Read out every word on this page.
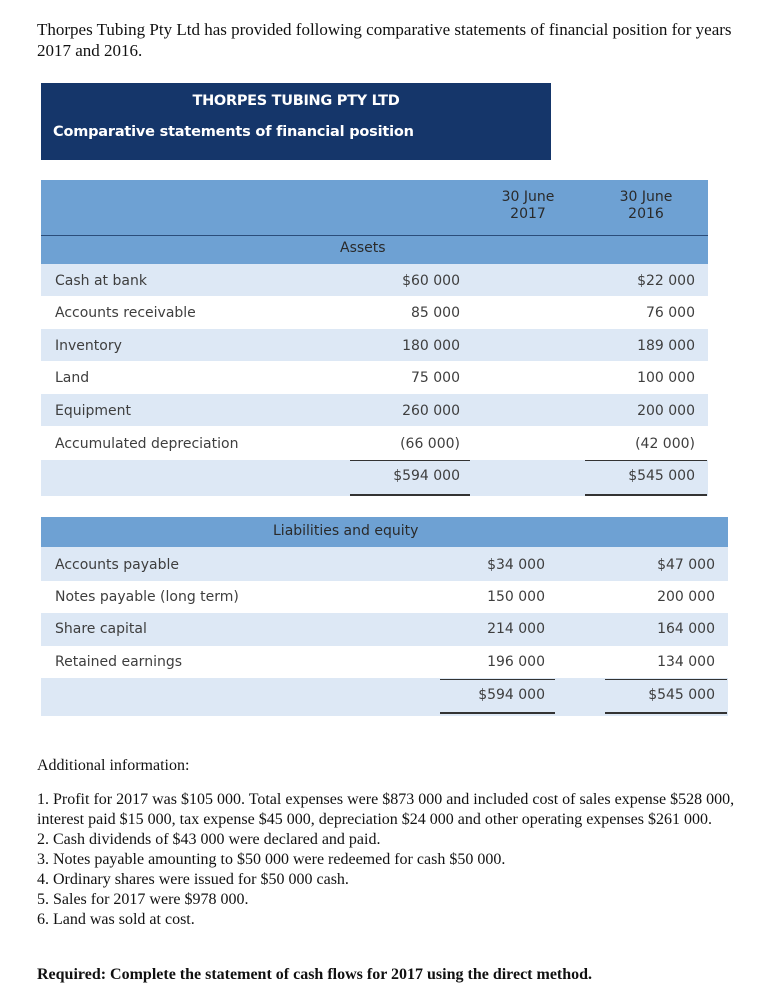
Thorpes Tubing Pty Ltd has provided following comparative statements of financial position for years 2017 and 2016.
THORPES TUBING PTY LTD
Comparative statements of financial position
30 June
2017
30 June
2016
Assets
Cash at bank	$60 000	$22 000
Accounts receivable	85 000	76 000
Inventory	180 000	189 000
Land	75 000	100 000
Equipment	260 000	200 000
Accumulated depreciation	(66 000)	(42 000)
$594 000	$545 000
Liabilities and equity
Accounts payable	$34 000	$47 000
Notes payable (long term)	150 000	200 000
Share capital	214 000	164 000
Retained earnings	196 000	134 000
$594 000	$545 000

Additional information:

1. Profit for 2017 was $105 000. Total expenses were $873 000 and included cost of sales expense $528 000, interest paid $15 000, tax expense $45 000, depreciation $24 000 and other operating expenses $261 000.

2. Cash dividends of $43 000 were declared and paid.

3. Notes payable amounting to $50 000 were redeemed for cash $50 000.

4. Ordinary shares were issued for $50 000 cash.

5. Sales for 2017 were $978 000.

6. Land was sold at cost.

Required: Complete the statement of cash flows for 2017 using the direct method.
